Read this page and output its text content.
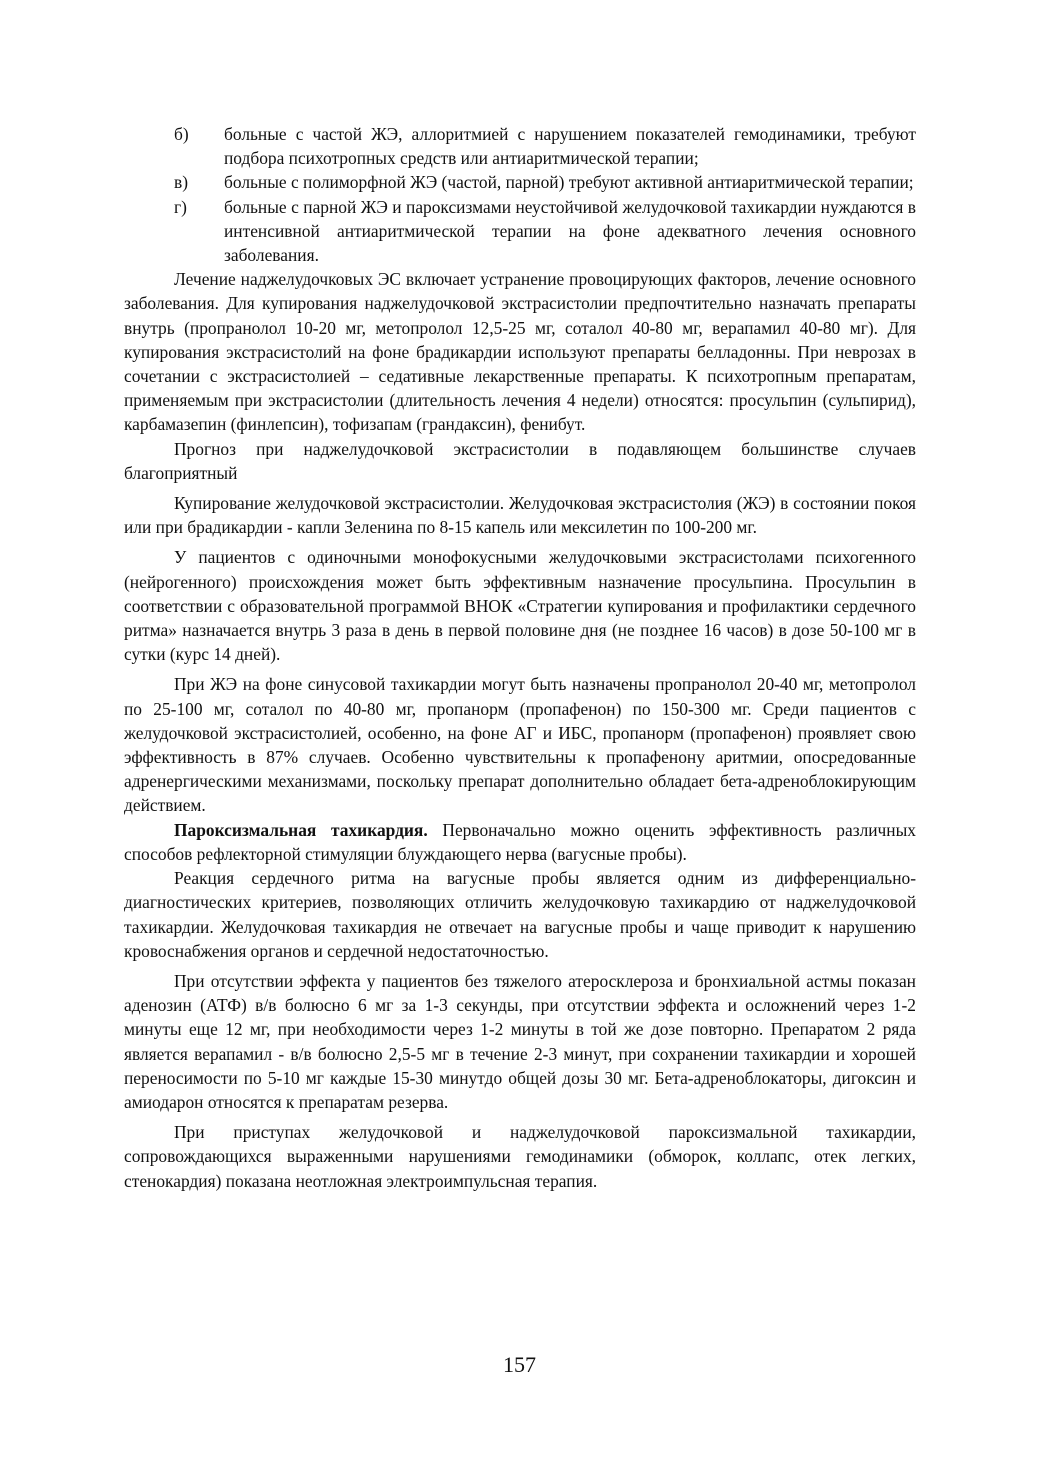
б) больные с частой ЖЭ, аллоритмией с нарушением показателей гемодинамики, требуют подбора психотропных средств или антиаритмической терапии;
в) больные с полиморфной ЖЭ (частой, парной) требуют активной антиаритмической терапии;
г) больные с парной ЖЭ и пароксизмами неустойчивой желудочковой тахикардии нуждаются в интенсивной антиаритмической терапии на фоне адекватного лечения основного заболевания.

Лечение наджелудочковых ЭС включает устранение провоцирующих факторов, лечение основного заболевания. Для купирования наджелудочковой экстрасистолии предпочтительно назначать препараты внутрь (пропранолол 10-20 мг, метопролол 12,5-25 мг, соталол 40-80 мг, верапамил 40-80 мг). Для купирования экстрасистолий на фоне брадикардии используют препараты белладонны. При неврозах в сочетании с экстрасистолией – седативные лекарственные препараты. К психотропным препаратам, применяемым при экстрасистолии (длительность лечения 4 недели) относятся: просульпин (сульпирид), карбамазепин (финлепсин), тофизапам (грандаксин), фенибут.

Прогноз при наджелудочковой экстрасистолии в подавляющем большинстве случаев благоприятный

Купирование желудочковой экстрасистолии. Желудочковая экстрасистолия (ЖЭ) в состоянии покоя или при брадикардии - капли Зеленина по 8-15 капель или мексилетин по 100-200 мг.

У пациентов с одиночными монофокусными желудочковыми экстрасистолами психогенного (нейрогенного) происхождения может быть эффективным назначение просульпина. Просульпин в соответствии с образовательной программой ВНОК «Стратегии купирования и профилактики сердечного ритма» назначается внутрь 3 раза в день в первой половине дня (не позднее 16 часов) в дозе 50-100 мг в сутки (курс 14 дней).

При ЖЭ на фоне синусовой тахикардии могут быть назначены пропранолол 20-40 мг, метопролол по 25-100 мг, соталол по 40-80 мг, пропанорм (пропафенон) по 150-300 мг. Среди пациентов с желудочковой экстрасистолией, особенно, на фоне АГ и ИБС, пропанорм (пропафенон) проявляет свою эффективность в 87% случаев. Особенно чувствительны к пропафенону аритмии, опосредованные адренергическими механизмами, поскольку препарат дополнительно обладает бета-адреноблокирующим действием.

Пароксизмальная тахикардия. Первоначально можно оценить эффективность различных способов рефлекторной стимуляции блуждающего нерва (вагусные пробы).

Реакция сердечного ритма на вагусные пробы является одним из дифференциально-диагностических критериев, позволяющих отличить желудочковую тахикардию от наджелудочковой тахикардии. Желудочковая тахикардия не отвечает на вагусные пробы и чаще приводит к нарушению кровоснабжения органов и сердечной недостаточностью.

При отсутствии эффекта у пациентов без тяжелого атеросклероза и бронхиальной астмы показан аденозин (АТФ) в/в болюсно 6 мг за 1-3 секунды, при отсутствии эффекта и осложнений через 1-2 минуты еще 12 мг, при необходимости через 1-2 минуты в той же дозе повторно. Препаратом 2 ряда является верапамил - в/в болюсно 2,5-5 мг в течение 2-3 минут, при сохранении тахикардии и хорошей переносимости по 5-10 мг каждые 15-30 минутдо общей дозы 30 мг. Бета-адреноблокаторы, дигоксин и амиодарон относятся к препаратам резерва.

При приступах желудочковой и наджелудочковой пароксизмальной тахикардии, сопровождающихся выраженными нарушениями гемодинамики (обморок, коллапс, отек легких, стенокардия) показана неотложная электроимпульсная терапия.

157
